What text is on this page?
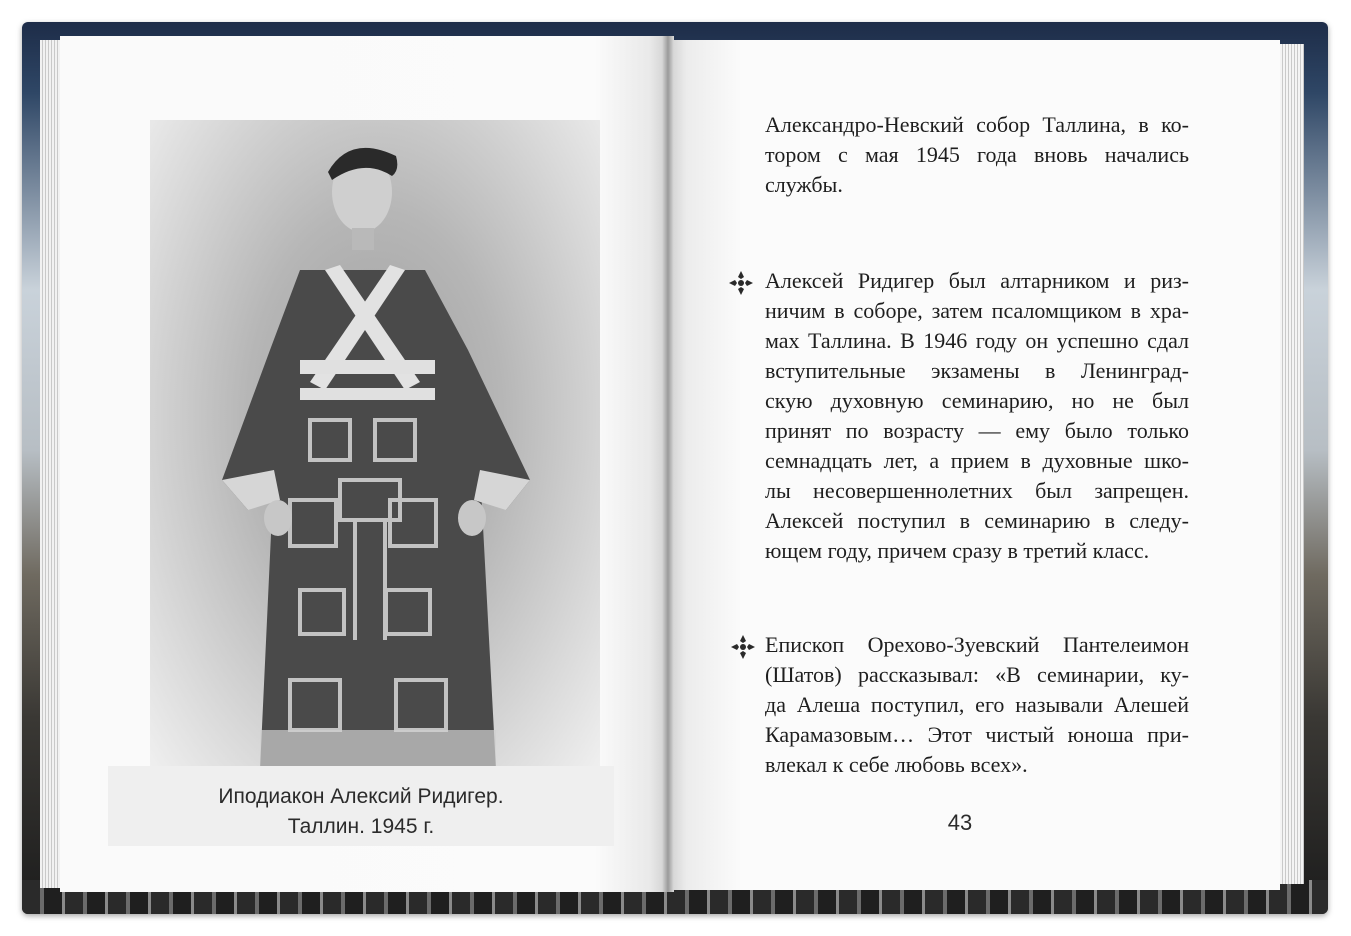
Иподиакон Алексий Ридигер.
Таллин. 1945 г.
Александро-Невский собор Таллина, в ко-
тором с мая 1945 года вновь начались
службы.
Алексей Ридигер был алтарником и риз-
ничим в соборе, затем псаломщиком в хра-
мах Таллина. В 1946 году он успешно сдал
вступительные экзамены в Ленинград-
скую духовную семинарию, но не был
принят по возрасту — ему было только
семнадцать лет, а прием в духовные шко-
лы несовершеннолетних был запрещен.
Алексей поступил в семинарию в следу-
ющем году, причем сразу в третий класс.
Епископ Орехово-Зуевский Пантелеимон
(Шатов) рассказывал: «В семинарии, ку-
да Алеша поступил, его называли Алешей
Карамазовым… Этот чистый юноша при-
влекал к себе любовь всех».
43
